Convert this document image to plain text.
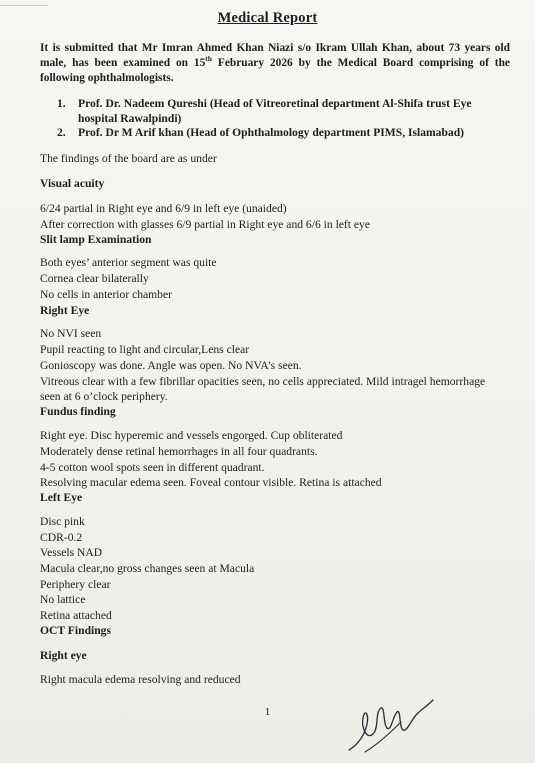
Medical Report
It is submitted that Mr Imran Ahmed Khan Niazi s/o Ikram Ullah Khan, about 73 years old male, has been examined on 15th February 2026 by the Medical Board comprising of the following ophthalmologists.
1.	Prof. Dr. Nadeem Qureshi (Head of Vitreoretinal department Al-Shifa trust Eye hospital Rawalpindi)
2.	Prof. Dr M Arif khan (Head of Ophthalmology department PIMS, Islamabad)
The findings of the board are as under
Visual acuity
6/24 partial in Right eye and 6/9 in left eye (unaided)
After correction with glasses 6/9 partial in Right eye and 6/6 in left eye
Slit lamp Examination
Both eyes’ anterior segment was quite
Cornea clear bilaterally
No cells in anterior chamber
Right Eye
No NVI seen
Pupil reacting to light and circular,Lens clear
Gonioscopy was done. Angle was open. No NVA’s seen.
Vitreous clear with a few fibrillar opacities seen, no cells appreciated. Mild intragel hemorrhage
seen at 6 o’clock periphery.
Fundus finding
Right eye. Disc hyperemic and vessels engorged. Cup obliterated
Moderately dense retinal hemorrhages in all four quadrants.
4-5 cotton wool spots seen in different quadrant.
Resolving macular edema seen. Foveal contour visible. Retina is attached
Left Eye
Disc pink
CDR-0.2
Vessels NAD
Macula clear,no gross changes seen at Macula
Periphery clear
No lattice
Retina attached
OCT Findings
Right eye
Right macula edema resolving and reduced
1
